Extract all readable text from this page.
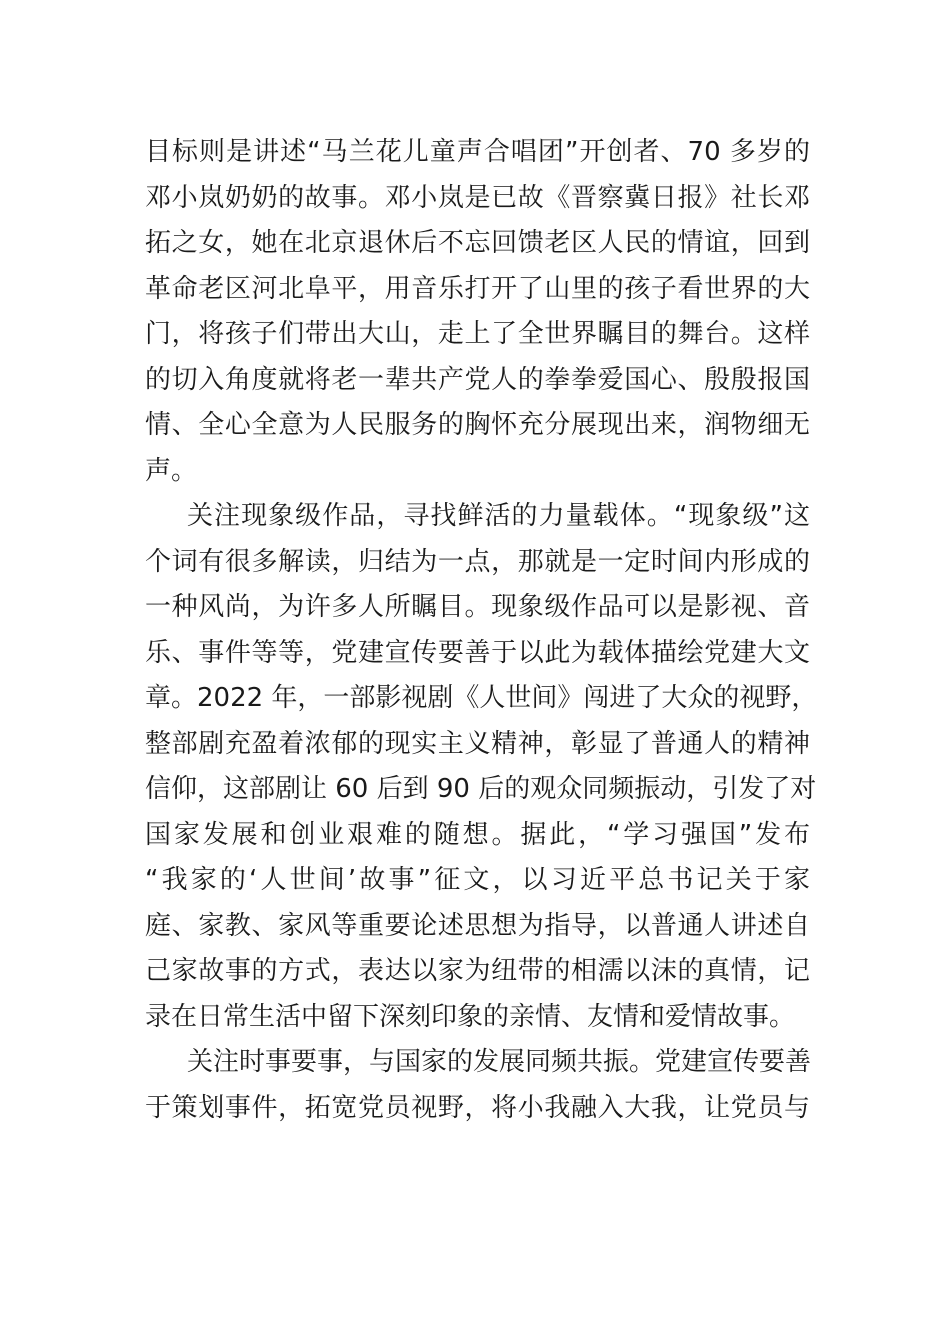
目标则是讲述“马兰花儿童声合唱团”开创者、70 多岁的
邓小岚奶奶的故事。邓小岚是已故《晋察冀日报》社长邓
拓之女，她在北京退休后不忘回馈老区人民的情谊，回到
革命老区河北阜平，用音乐打开了山里的孩子看世界的大
门，将孩子们带出大山，走上了全世界瞩目的舞台。这样
的切入角度就将老一辈共产党人的拳拳爱国心、殷殷报国
情、全心全意为人民服务的胸怀充分展现出来，润物细无
声。
关注现象级作品，寻找鲜活的力量载体。“现象级”这
个词有很多解读，归结为一点，那就是一定时间内形成的
一种风尚，为许多人所瞩目。现象级作品可以是影视、音
乐、事件等等，党建宣传要善于以此为载体描绘党建大文
章。2022 年，一部影视剧《人世间》闯进了大众的视野，
整部剧充盈着浓郁的现实主义精神，彰显了普通人的精神
信仰，这部剧让 60 后到 90 后的观众同频振动，引发了对
国家发展和创业艰难的随想。据此，“学习强国”发布
“我家的‘人世间’故事”征文，以习近平总书记关于家
庭、家教、家风等重要论述思想为指导，以普通人讲述自
己家故事的方式，表达以家为纽带的相濡以沫的真情，记
录在日常生活中留下深刻印象的亲情、友情和爱情故事。
关注时事要事，与国家的发展同频共振。党建宣传要善
于策划事件，拓宽党员视野，将小我融入大我，让党员与
